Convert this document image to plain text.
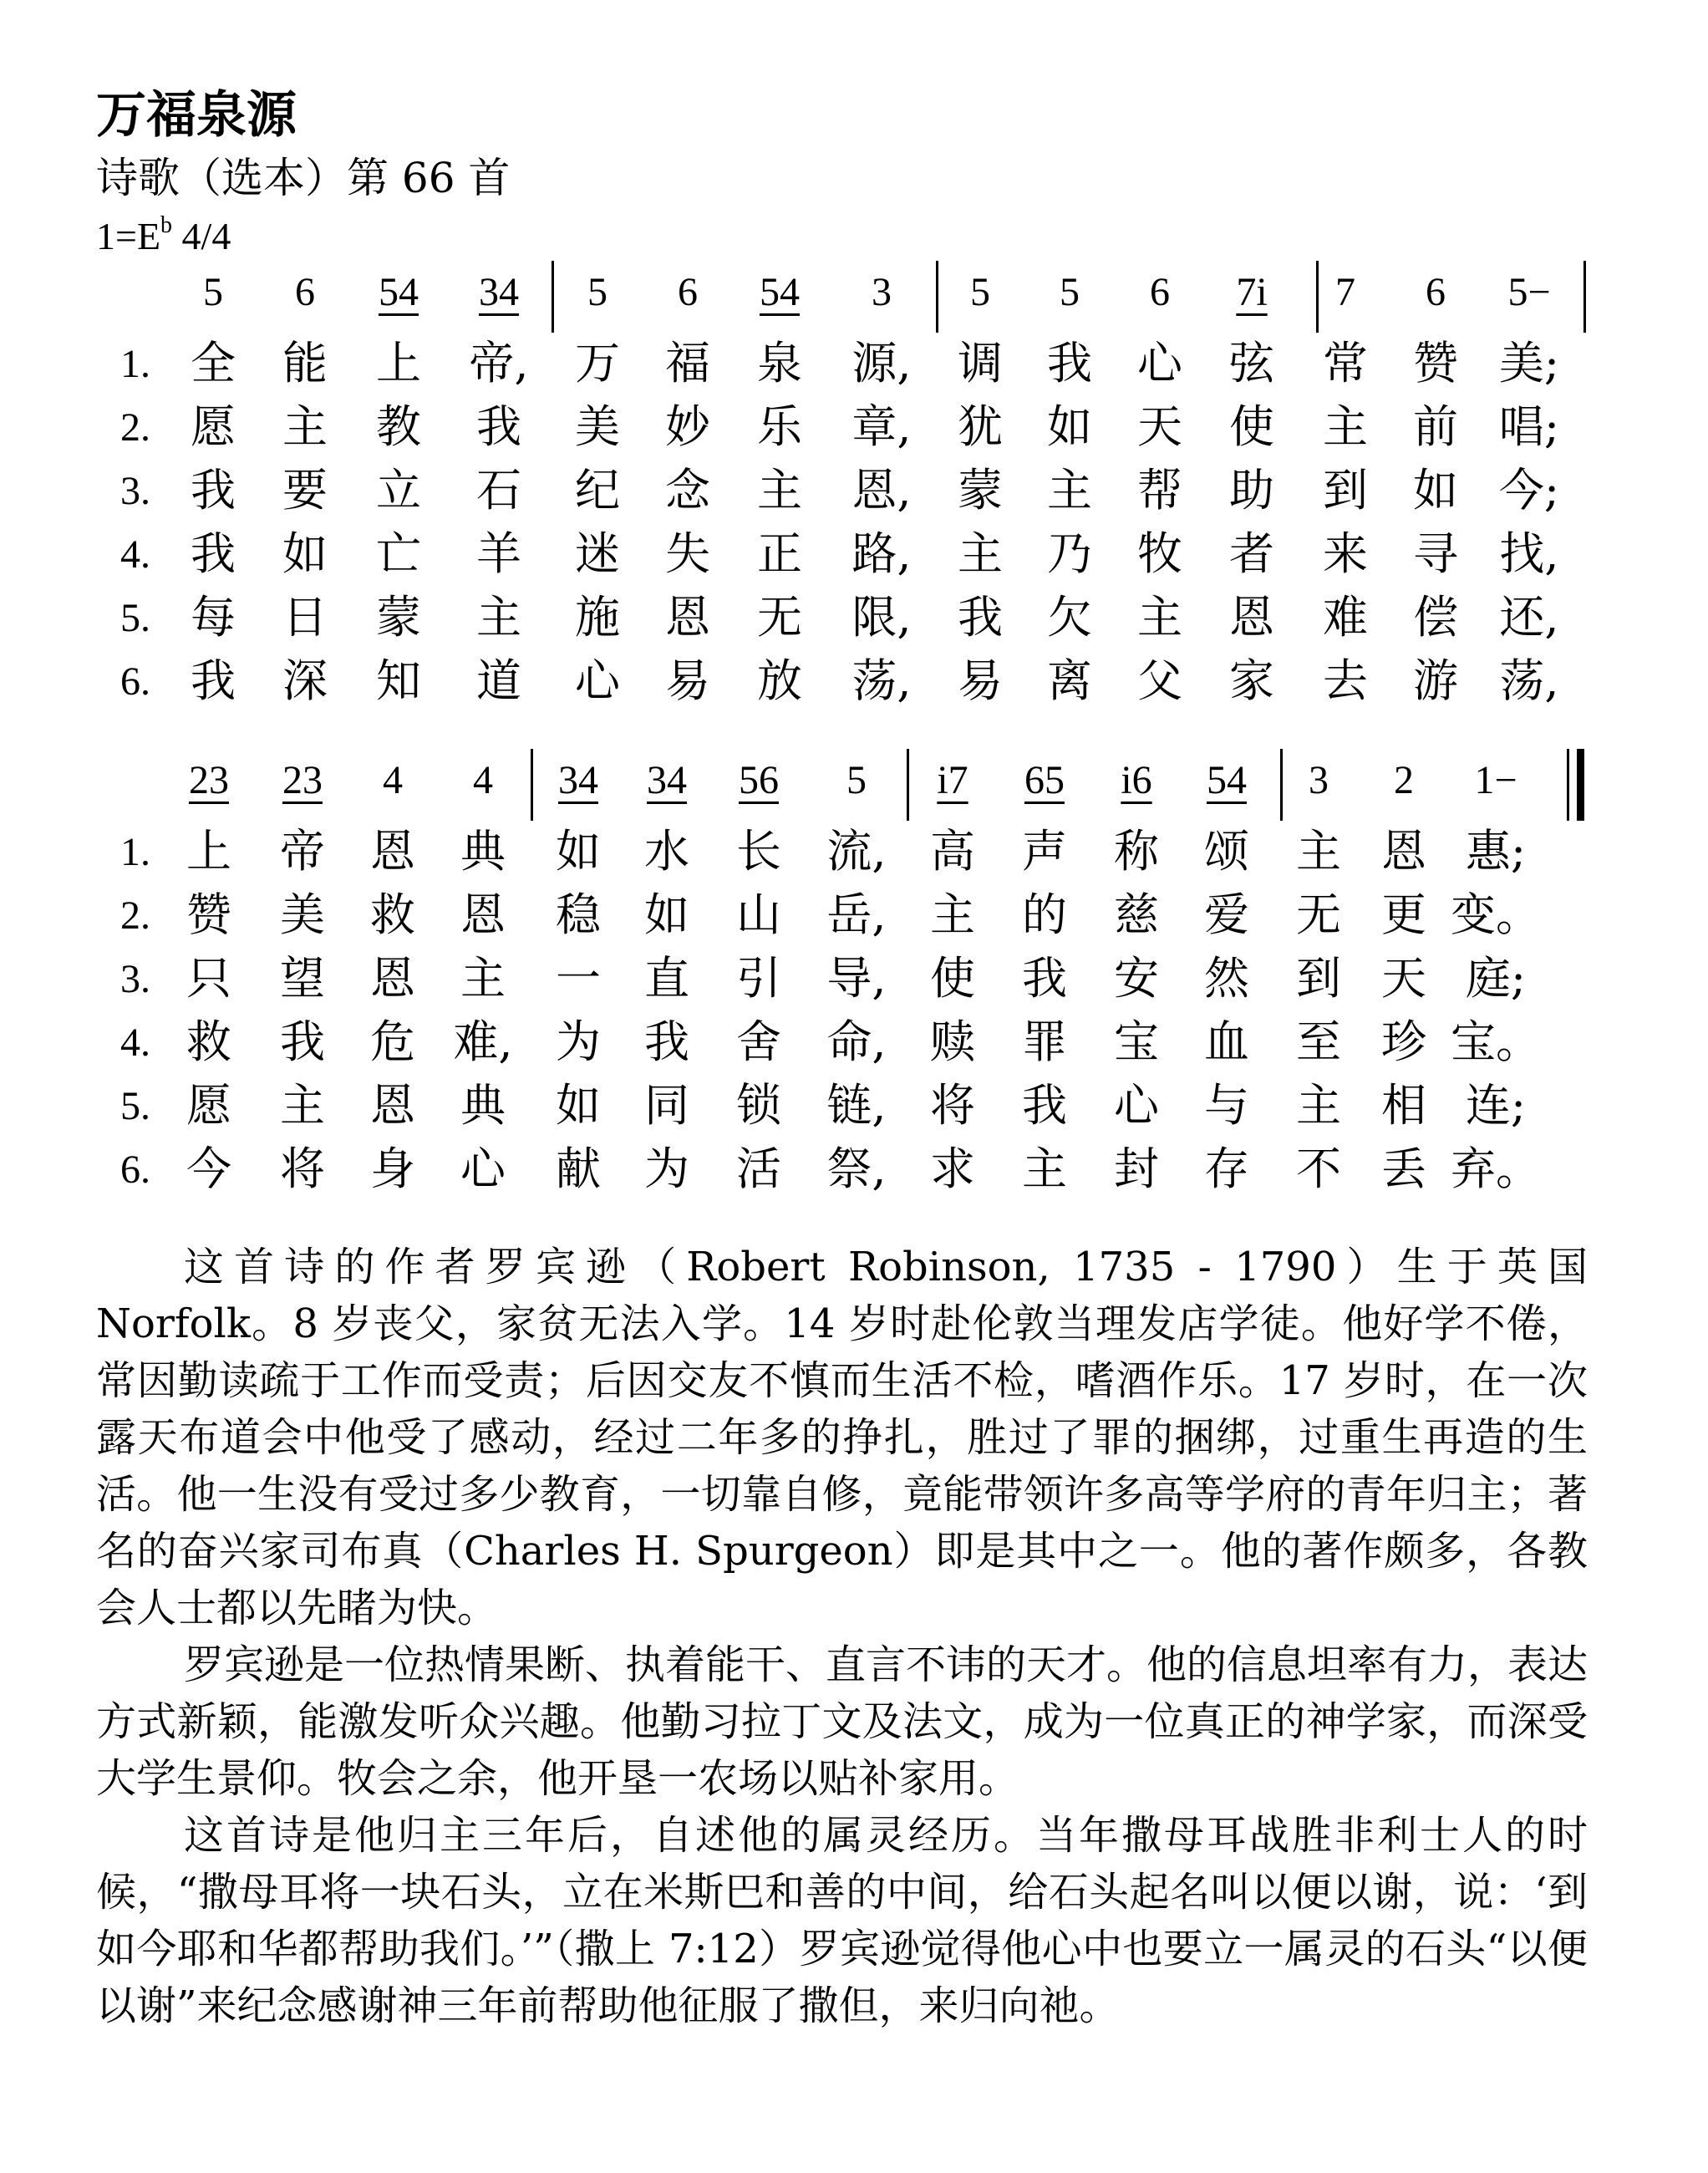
万福泉源
诗歌（选本）第 66 首
$1=E^b$ 4/4
5	6	54	34	5	6	54	3	5	5	6	7i	7	6	5−
1. 全	能	上	帝,	万	福	泉	源,	调 我	心	弦	常	赞 美;
2. 愿	主	教	我	美	妙	乐	章,	犹 如	天	使	主	前 唱;
3. 我	要	立	石	纪	念	主	恩,	蒙 主	帮	助	到	如 今;
4. 我	如	亡	羊	迷	失	正	路,	主 乃	牧	者	来	寻 找,
5. 每	日	蒙	主	施	恩	无	限,	我 欠	主	恩	难	偿 还,
6. 我	深	知	道	心	易	放	荡,	易 离	父	家	去	游 荡,
23	23	4	4	34	34	56	5	i7	65	i6	54	3	2	1−
1. 上	帝	恩	典	如 水	长	流, 高	声	称	颂	主 恩 惠;
2. 赞	美	救	恩	稳 如	山	岳, 主	的	慈	爱	无 更 变。
3. 只	望	恩	主	一 直	引	导, 使	我	安	然	到 天 庭;
4. 救	我	危 难, 为 我	舍	命, 赎	罪	宝	血	至 珍 宝。
5. 愿	主	恩	典	如 同	锁	链, 将	我	心	与	主 相 连;
6. 今	将	身	心	献 为	活	祭, 求	主	封	存	不 丢 弃。

这首诗的作者罗宾逊（Robert Robinson, 1735 - 1790）生于英国 Norfolk。8 岁丧父，家贫无法入学。14 岁时赴伦敦当理发店学徒。他好学不倦，常因勤读疏于工作而受责；后因交友不慎而生活不检，嗜酒作乐。17 岁时，在一次露天布道会中他受了感动，经过二年多的挣扎，胜过了罪的捆绑，过重生再造的生活。他一生没有受过多少教育，一切靠自修，竟能带领许多高等学府的青年归主；著名的奋兴家司布真（Charles H. Spurgeon）即是其中之一。他的著作颇多，各教会人士都以先睹为快。

罗宾逊是一位热情果断、执着能干、直言不讳的天才。他的信息坦率有力，表达方式新颖，能激发听众兴趣。他勤习拉丁文及法文，成为一位真正的神学家，而深受大学生景仰。牧会之余，他开垦一农场以贴补家用。

这首诗是他归主三年后，自述他的属灵经历。当年撒母耳战胜非利士人的时候，“撒母耳将一块石头，立在米斯巴和善的中间，给石头起名叫以便以谢，说：‘到如今耶和华都帮助我们。’”（撒上 7:12）罗宾逊觉得他心中也要立一属灵的石头“以便以谢”来纪念感谢神三年前帮助他征服了撒但，来归向祂。
